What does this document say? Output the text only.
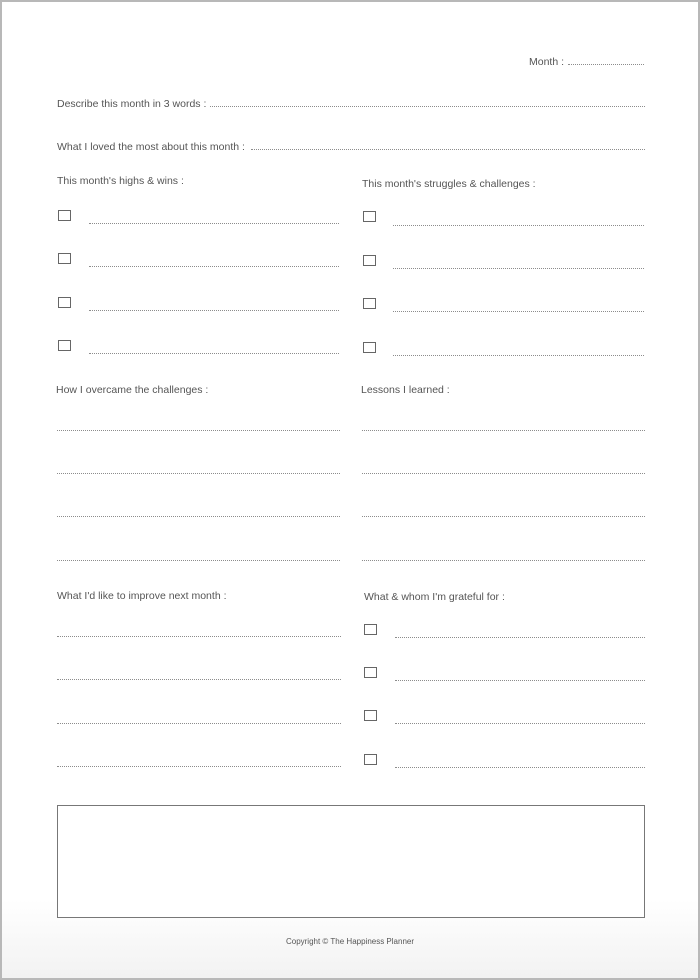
Month :
Describe this month in 3 words :
What I loved the most about this month :
This month's highs & wins :	This month's struggles & challenges :
How I overcame the challenges :	Lessons I learned :
What I'd like to improve next month :	What & whom I'm grateful for :
Copyright © The Happiness Planner
